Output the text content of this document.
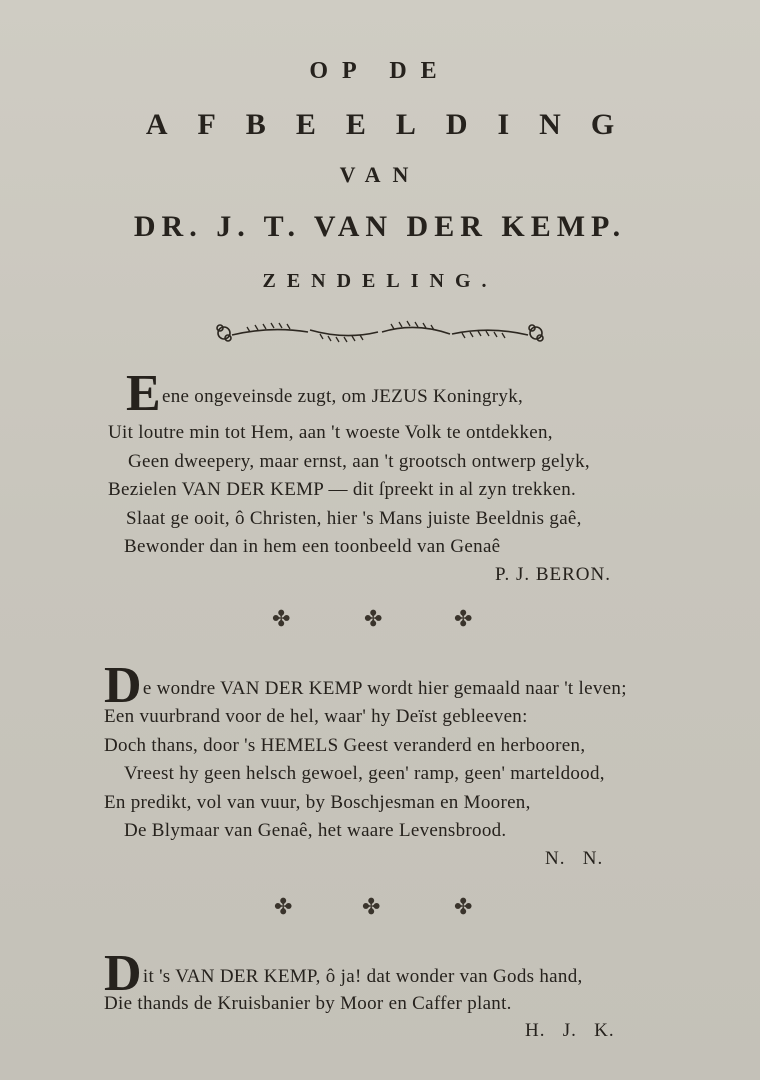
OP DE
AFBEELDING
VAN
DR. J. T. VAN DER KEMP.
ZENDELING.
Eene ongeveinsde zugt, om JEZUS Koningryk,
Uit loutre min tot Hem, aan 't woeste Volk te ontdekken,
Geen dweepery, maar ernst, aan 't grootsch ontwerp gelyk,
Bezielen VAN DER KEMP — dit ſpreekt in al zyn trekken.
Slaat ge ooit, ô Christen, hier 's Mans juiste Beeldnis gaê,
Bewonder dan in hem een toonbeeld van Genaê
P. J. BERON.
✤	✤	✤
De wondre VAN DER KEMP wordt hier gemaald naar 't leven;
Een vuurbrand voor de hel, waar' hy Deïst gebleeven:
Doch thans, door 's HEMELS Geest veranderd en herbooren,
Vreest hy geen helsch gewoel, geen' ramp, geen' marteldood,
En predikt, vol van vuur, by Boschjesman en Mooren,
De Blymaar van Genaê, het waare Levensbrood.
N.   N.
✤	✤	✤
Dit 's VAN DER KEMP, ô ja! dat wonder van Gods hand,
Die thands de Kruisbanier by Moor en Caffer plant.
H.   J.   K.
